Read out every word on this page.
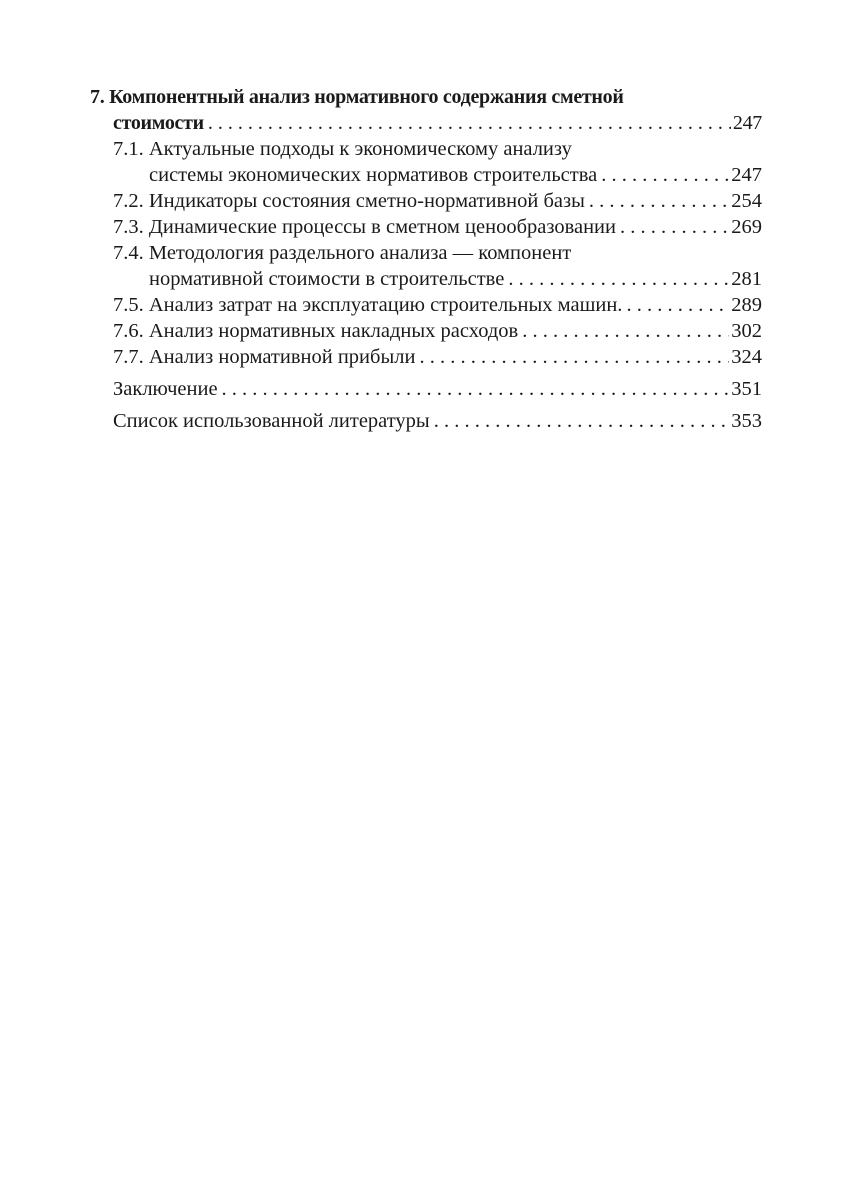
7. Компонентный анализ нормативного содержания сметной
стоимости . . .	247
7.1. Актуальные подходы к экономическому анализу
системы экономических нормативов строительства . . .	247
7.2. Индикаторы состояния сметно-нормативной базы . . .	254
7.3. Динамические процессы в сметном ценообразовании . . .	269
7.4. Методология раздельного анализа — компонент
нормативной стоимости в строительстве . . .	281
7.5. Анализ затрат на эксплуатацию строительных машин. . . .	289
7.6. Анализ нормативных накладных расходов . . .	302
7.7. Анализ нормативной прибыли . . .	324
Заключение . . .	351
Список использованной литературы . . .	353
